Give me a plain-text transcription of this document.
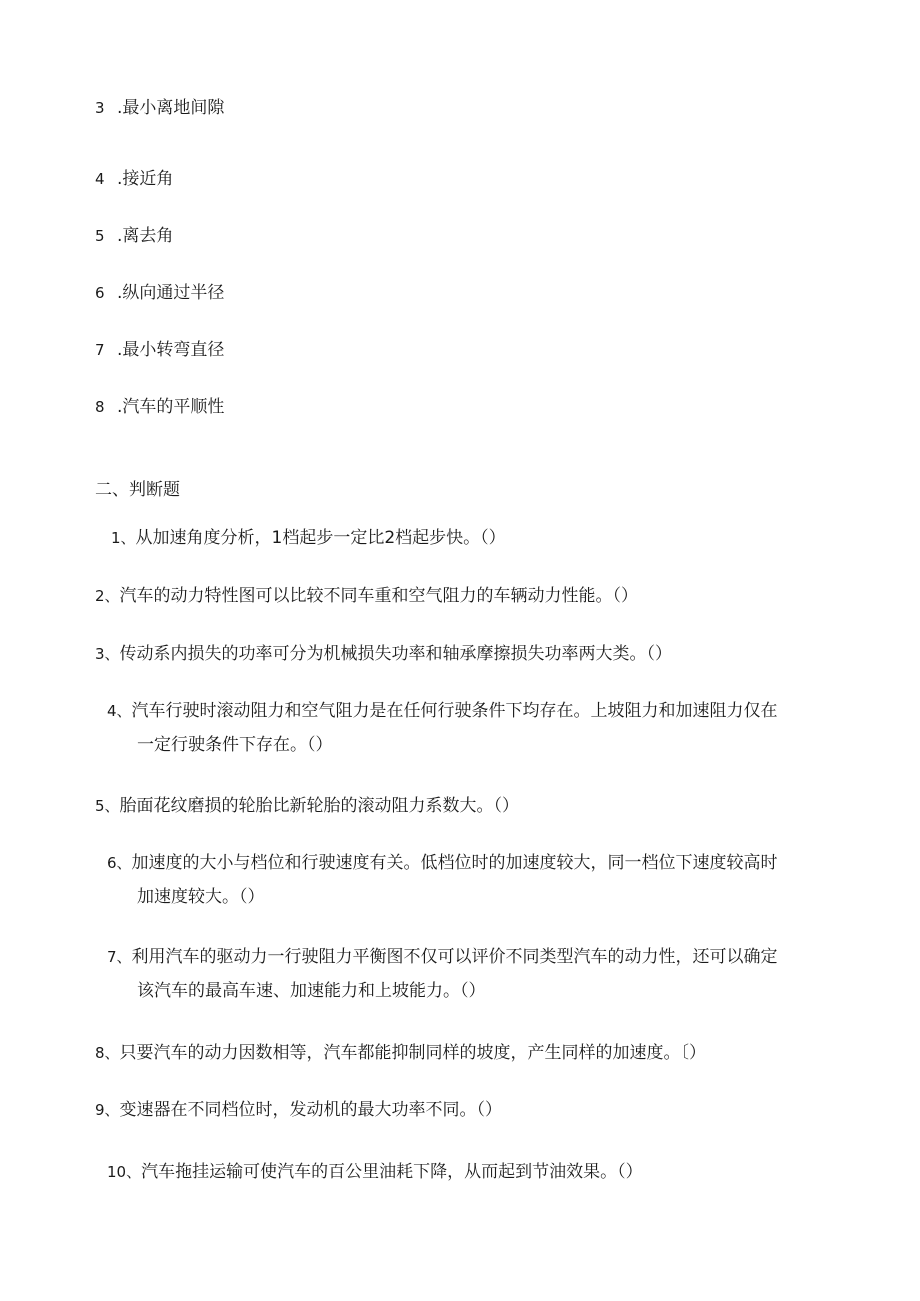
3 .最小离地间隙
4 .接近角
5 .离去角
6 .纵向通过半径
7 .最小转弯直径
8 .汽车的平顺性
二、判断题
1、从加速角度分析，1档起步一定比2档起步快。（）
2、汽车的动力特性图可以比较不同车重和空气阻力的车辆动力性能。（）
3、传动系内损失的功率可分为机械损失功率和轴承摩擦损失功率两大类。（）
4、汽车行驶时滚动阻力和空气阻力是在任何行驶条件下均存在。上坡阻力和加速阻力仅在
一定行驶条件下存在。（）
5、胎面花纹磨损的轮胎比新轮胎的滚动阻力系数大。（）
6、加速度的大小与档位和行驶速度有关。低档位时的加速度较大，同一档位下速度较高时
加速度较大。（）
7、利用汽车的驱动力一行驶阻力平衡图不仅可以评价不同类型汽车的动力性，还可以确定
该汽车的最高车速、加速能力和上坡能力。（）
8、只要汽车的动力因数相等，汽车都能抑制同样的坡度，产生同样的加速度。〔）
9、变速器在不同档位时，发动机的最大功率不同。（）
10、汽车拖挂运输可使汽车的百公里油耗下降，从而起到节油效果。（）
